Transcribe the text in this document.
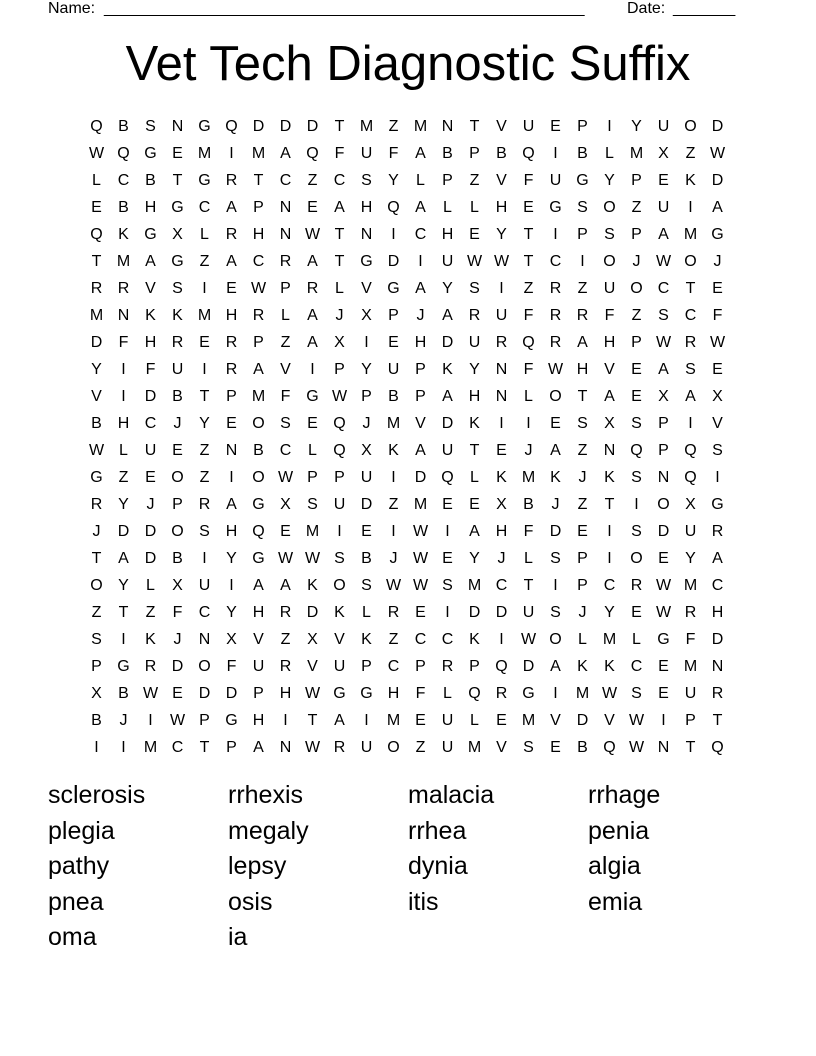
Name: ______________________________________________________	Date: _______
Vet Tech Diagnostic Suffix
Q B	S N G Q D D D	T M Z M N	T	V U E	P	I	Y U O D
W Q G E M	I	M A Q F	U	F	A	B	P	B Q	I	B	L M X	Z W
L	C B	T G R	T	C	Z	C S	Y	L	P	Z	V	F	U G Y	P	E	K D
E	B H G C A	P N E	A H Q A	L	L	H E G S O Z	U	I	A
Q K G X	L	R H N W T	N	I	C H E	Y	T	I	P	S	P	A M G
T M A G Z	A C R A	T G D	I	U W W T	C	I	O	J W O	J
R R V	S	I	E W P R	L	V G A	Y	S	I	Z	R	Z	U O C	T	E
M N K	K M H R	L	A	J	X	P	J	A R U	F	R R	F	Z	S C	F
D	F	H R E R P	Z	A	X	I	E H D U R Q R A H P W R W
Y	I	F	U	I	R A	V	I	P	Y U P	K	Y N	F W H V	E	A	S	E
V	I	D B	T	P M F G W P	B	P	A H N	L	O T	A	E	X	A	X
B H C	J	Y	E O S	E Q	J	M V D K	I	I	E	S	X	S	P	I	V
W L	U E	Z	N B C	L	Q X	K	A U	T	E	J	A	Z	N Q P Q S
G Z	E O Z	I	O W P	P U	I	D Q	L	K M K	J	K	S N Q	I
R Y	J	P R A G X	S U D	Z M E	E	X	B	J	Z	T	I	O X G
J	D D O S H Q E M	I	E	I	W	I	A H	F	D E	I	S D U R
T	A D B	I	Y G W W S	B	J W E	Y	J	L	S	P	I	O E	Y	A
O Y	L	X U	I	A	A	K O S W W S M C	T	I	P C R W M C
Z	T	Z	F	C Y H R D K	L	R E	I	D D U S	J	Y	E W R H
S	I	K	J	N X	V	Z	X	V	K	Z	C C K	I	W O	L M L	G F	D
P G R D O F	U R V U P C P R P Q D A	K	K C E M N
X	B W E D D P H W G G H	F	L	Q R G	I	M W S	E U R
B	J	I	W P G H	I	T	A	I	M E U	L	E M V D V W	I	P	T
I	I	M C	T	P	A N W R U O Z	U M V	S	E	B Q W N	T Q
sclerosis	rrhexis	malacia	rrhage
plegia	megaly	rrhea	penia
pathy	lepsy	dynia	algia
pnea	osis	itis	emia
oma	ia
